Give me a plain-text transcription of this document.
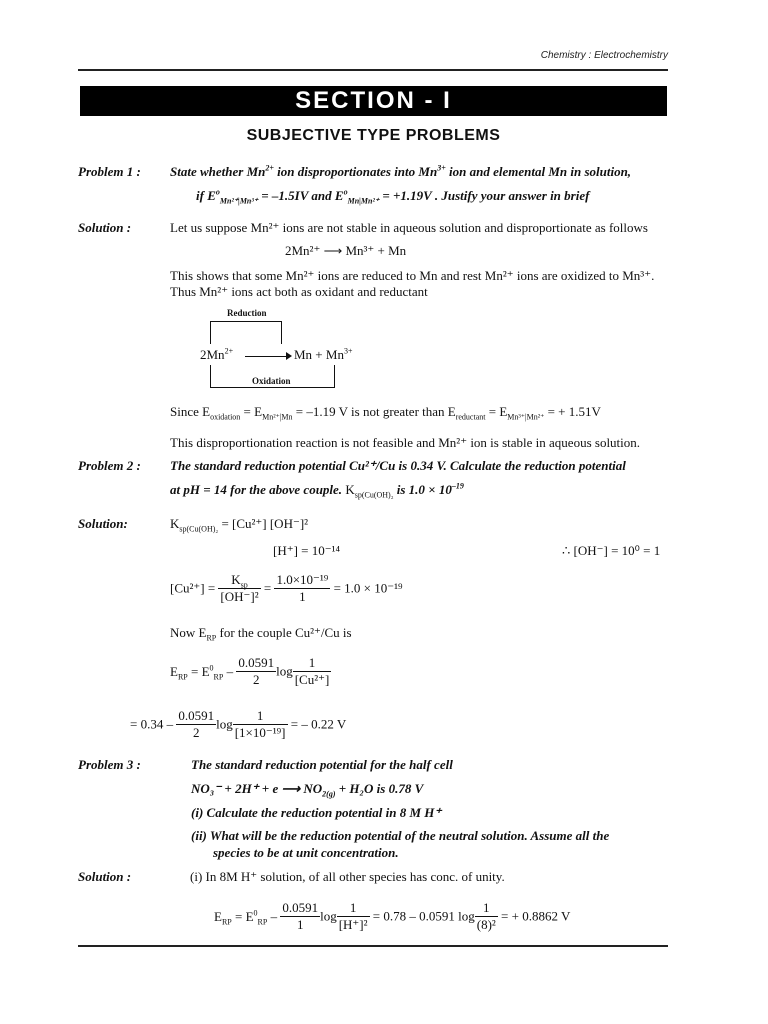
Chemistry : Electrochemistry
SECTION - I
SUBJECTIVE TYPE PROBLEMS
Problem 1 : State whether $Mn^{2+}$ ion disproportionates into $Mn^{3+}$ ion and elemental Mn in solution,
if $E^o_{Mn^{2+}|Mn^{3+}} = -1.5IV$ and $E^o_{Mn|Mn^{2+}} = +1.19V$ . Justify your answer in brief
Solution :	Let us suppose Mn²⁺ ions are not stable in aqueous solution and disproportionate as follows
2Mn²⁺ ⟶ Mn³⁺ + Mn
This shows that some Mn²⁺ ions are reduced to Mn and rest Mn²⁺ ions are oxidized to Mn³⁺.
Thus Mn²⁺ ions act both as oxidant and reductant
Reduction
$2Mn^{2+}$	$Mn + Mn^{3+}$
Oxidation
Since $E_{oxidation} = E_{Mn^{2+}|Mn} = -1.19$ V is not greater than $E_{reductant} = E_{Mn^{3+}|Mn^{2+}}$ = + 1.51V
This disproportionation reaction is not feasible and Mn²⁺ ion is stable in aqueous solution.
Problem 2 : The standard reduction potential Cu²⁺/Cu is 0.34 V. Calculate the reduction potential
at pH = 14 for the above couple. $K_{sp(Cu(OH)_2}$ is $1.0 \times 10^{-19}$
Solution:	$K_{sp(Cu(OH)_2} = [Cu^{2+}]$ [OH⁻]²
[H⁺] = 10⁻¹⁴	∴ [OH⁻] = 10⁰ = 1
$[Cu^{2+}] = \frac{K_{sp}}{\text{[OH⁻]²}} = \frac{\text{1.0×10⁻¹⁹}}{1} = 1.0 \times 10^{-19}$
Now $E_{RP}$ for the couple Cu²⁺/Cu is
$E_{RP} = E^0_{RP} - \frac{0.0591}{2}$ $\log \frac{1}{\text{[Cu²⁺]}}$
= $0.34 - \frac{0.0591}{2}$ $\log \frac{1}{\text{[1×10⁻¹⁹]}}$ = – 0.22 V
Problem 3 :	The standard reduction potential for the half cell
NO₃⁻ + 2H⁺ + e ⟶ $NO_{2(g)} + H_2O$ is 0.78 V
(i) Calculate the reduction potential in 8 M H⁺
(ii) What will be the reduction potential of the neutral solution. Assume all the
species to be at unit concentration.
Solution :	(i) In 8M H⁺ solution, of all other species has conc. of unity.
$E_{RP} = E^0_{RP} - \frac{0.0591}{1}$ $\log \frac{1}{\text{[H⁺]²}} = 0.78 - 0.0591$ $\log \frac{1}{\text{(8)²}}$ = + 0.8862 V
